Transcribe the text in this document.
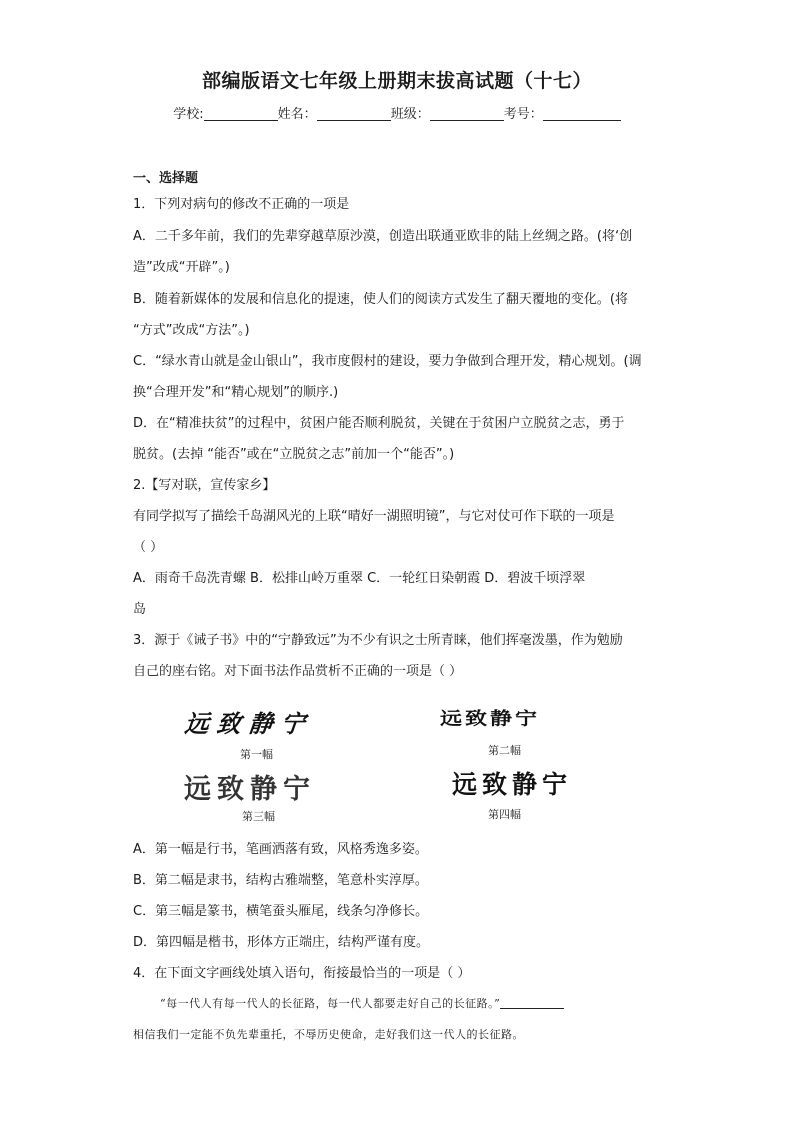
部编版语文七年级上册期末拔高试题（十七）
学校:	姓名：	班级：	考号：
一、选择题
1．下列对病句的修改不正确的一项是
A．二千多年前，我们的先辈穿越草原沙漠，创造出联通亚欧非的陆上丝绸之路。(将‘创
造”改成“开辟”。)
B．随着新媒体的发展和信息化的提速，使人们的阅读方式发生了翻天覆地的变化。(将
“方式”改成“方法”。)
C．“绿水青山就是金山银山”，我市度假村的建设，要力争做到合理开发，精心规划。(调
换“合理开发”和“精心规划”的顺序.)
D．在“精准扶贫”的过程中，贫困户能否顺利脱贫，关键在于贫困户立脱贫之志，勇于
脱贫。(去掉 “能否”或在“立脱贫之志”前加一个“能否”。)
2.【写对联，宣传家乡】
有同学拟写了描绘千岛湖风光的上联“晴好一湖照明镜”，与它对仗可作下联的一项是
（ ）
A．雨奇千岛洗青螺 B．松排山岭万重翠 C．一轮红日染朝霞 D．碧波千顷浮翠
岛
3．源于《诫子书》中的“宁静致远”为不少有识之士所青睐，他们挥毫泼墨，作为勉励
自己的座右铭。对下面书法作品赏析不正确的一项是（ ）
远致静宁
第一幅
远致静宁
第二幅
远致静宁
第三幅
远致静宁
第四幅
A．第一幅是行书，笔画洒落有致，风格秀逸多姿。
B．第二幅是隶书，结构古雅端整，笔意朴实淳厚。
C．第三幅是篆书，横笔蚕头雁尾，线条匀净修长。
D．第四幅是楷书，形体方正端庄，结构严谨有度。
4．在下面文字画线处填入语句，衔接最恰当的一项是（ ）
“每一代人有每一代人的长征路，每一代人都要走好自己的长征路。”
相信我们一定能不负先辈重托，不辱历史使命，走好我们这一代人的长征路。
